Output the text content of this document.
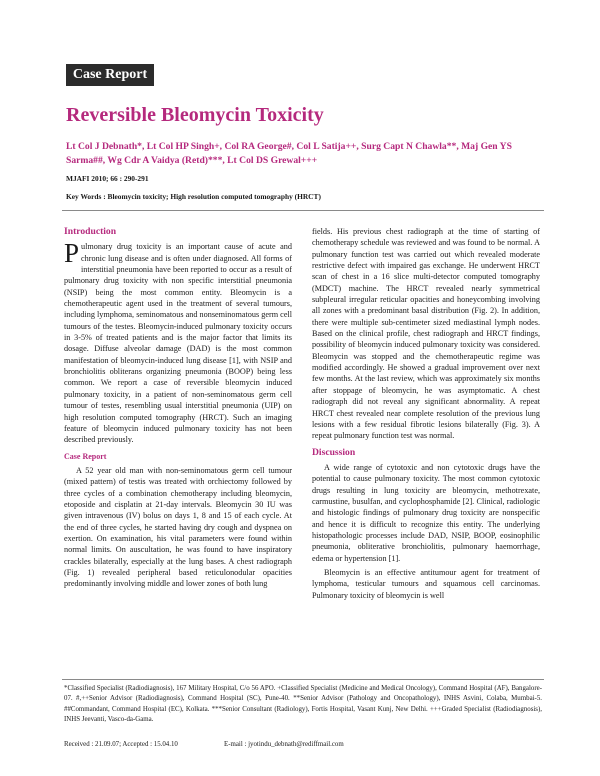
Case Report
Reversible Bleomycin Toxicity
Lt Col J Debnath*, Lt Col HP Singh+, Col RA George#, Col L Satija++, Surg Capt N Chawla**, Maj Gen YS Sarma##, Wg Cdr A Vaidya (Retd)***, Lt Col DS Grewal+++
MJAFI 2010; 66 : 290-291
Key Words : Bleomycin toxicity; High resolution computed tomography (HRCT)
Introduction

Pulmonary drug toxicity is an important cause of acute and chronic lung disease and is often under diagnosed. All forms of interstitial pneumonia have been reported to occur as a result of pulmonary drug toxicity with non specific interstitial pneumonia (NSIP) being the most common entity. Bleomycin is a chemotherapeutic agent used in the treatment of several tumours, including lymphoma, seminomatous and nonseminomatous germ cell tumours of the testes. Bleomycin-induced pulmonary toxicity occurs in 3-5% of treated patients and is the major factor that limits its dosage. Diffuse alveolar damage (DAD) is the most common manifestation of bleomycin-induced lung disease [1], with NSIP and bronchiolitis obliterans organizing pneumonia (BOOP) being less common. We report a case of reversible bleomycin induced pulmonary toxicity, in a patient of non-seminomatous germ cell tumour of testes, resembling usual interstitial pneumonia (UIP) on high resolution computed tomography (HRCT). Such an imaging feature of bleomycin induced pulmonary toxicity has not been described previously.

Case Report

A 52 year old man with non-seminomatous germ cell tumour (mixed pattern) of testis was treated with orchiectomy followed by three cycles of a combination chemotherapy including bleomycin, etoposide and cisplatin at 21-day intervals. Bleomycin 30 IU was given intravenous (IV) bolus on days 1, 8 and 15 of each cycle. At the end of three cycles, he started having dry cough and dyspnea on exertion. On examination, his vital parameters were found within normal limits. On auscultation, he was found to have inspiratory crackles bilaterally, especially at the lung bases. A chest radiograph (Fig. 1) revealed peripheral based reticulonodular opacities predominantly involving middle and lower zones of both lung

fields. His previous chest radiograph at the time of starting of chemotherapy schedule was reviewed and was found to be normal. A pulmonary function test was carried out which revealed moderate restrictive defect with impaired gas exchange. He underwent HRCT scan of chest in a 16 slice multi-detector computed tomography (MDCT) machine. The HRCT revealed nearly symmetrical subpleural irregular reticular opacities and honeycombing involving all zones with a predominant basal distribution (Fig. 2). In addition, there were multiple sub-centimeter sized mediastinal lymph nodes. Based on the clinical profile, chest radiograph and HRCT findings, possibility of bleomycin induced pulmonary toxicity was considered. Bleomycin was stopped and the chemotherapeutic regime was modified accordingly. He showed a gradual improvement over next few months. At the last review, which was approximately six months after stoppage of bleomycin, he was asymptomatic. A chest radiograph did not reveal any significant abnormality. A repeat HRCT chest revealed near complete resolution of the previous lung lesions with a few residual fibrotic lesions bilaterally (Fig. 3). A repeat pulmonary function test was normal.

Discussion

A wide range of cytotoxic and non cytotoxic drugs have the potential to cause pulmonary toxicity. The most common cytotoxic drugs resulting in lung toxicity are bleomycin, methotrexate, carmustine, busulfan, and cyclophosphamide [2]. Clinical, radiologic and histologic findings of pulmonary drug toxicity are nonspecific and hence it is difficult to recognize this entity. The underlying histopathologic processes include DAD, NSIP, BOOP, eosinophilic pneumonia, obliterative bronchiolitis, pulmonary haemorrhage, edema or hypertension [1].

Bleomycin is an effective antitumour agent for treatment of lymphoma, testicular tumours and squamous cell carcinomas. Pulmonary toxicity of bleomycin is well

*Classified Specialist (Radiodiagnosis), 167 Military Hospital, C/o 56 APO. +Classified Specialist (Medicine and Medical Oncology), Command Hospital (AF), Bangalore-07. #,++Senior Advisor (Radiodiagnosis), Command Hospital (SC), Pune-40. **Senior Advisor (Pathology and Oncopathology), INHS Asvini, Colaba, Mumbai-5. ##Commandant, Command Hospital (EC), Kolkata. ***Senior Consultant (Radiology), Fortis Hospital, Vasant Kunj, New Delhi. +++Graded Specialist (Radiodiagnosis), INHS Jeevanti, Vasco-da-Gama.

Received : 21.09.07; Accepted : 15.04.10	E-mail : jyotindu_debnath@rediffmail.com
